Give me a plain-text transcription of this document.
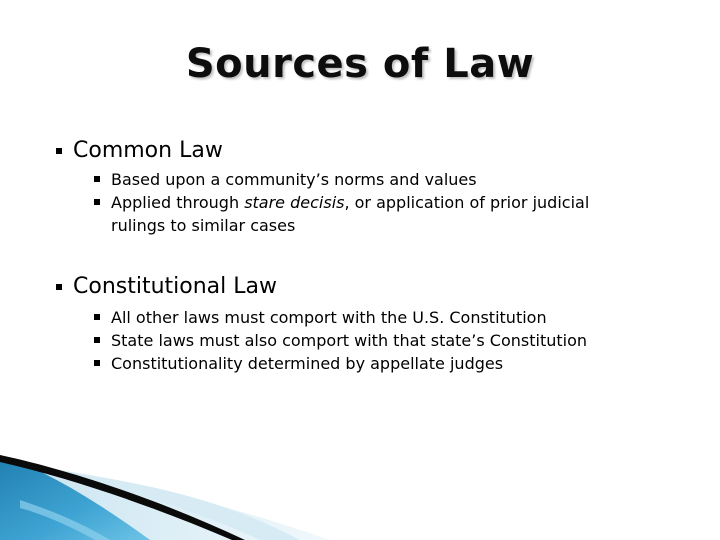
Sources of Law
Common Law
Based upon a community’s norms and values
Applied through stare decisis, or application of prior judicial
rulings to similar cases
Constitutional Law
All other laws must comport with the U.S. Constitution
State laws must also comport with that state’s Constitution
Constitutionality determined by appellate judges
